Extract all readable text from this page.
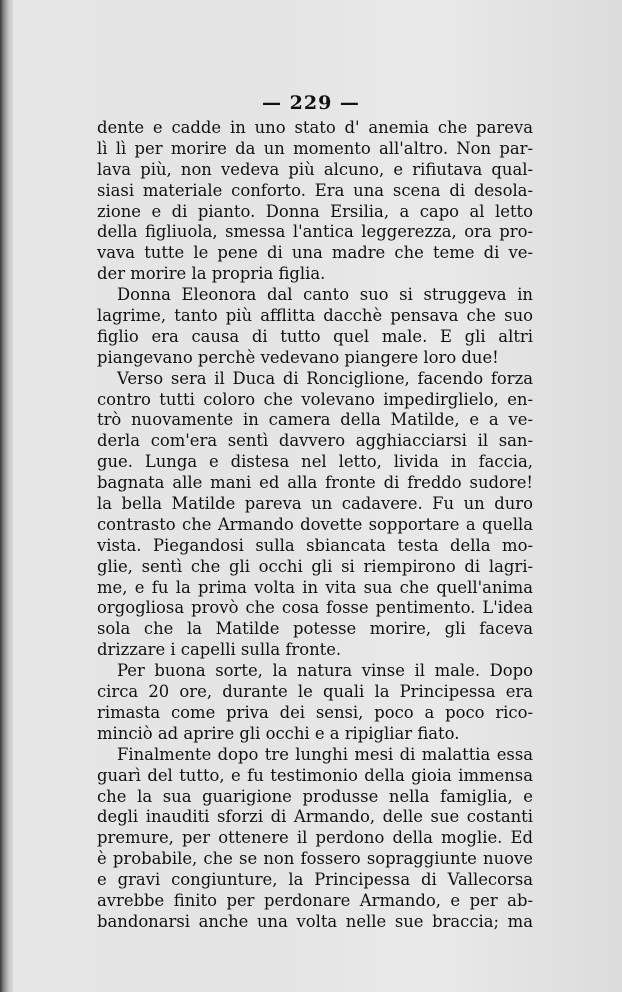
— 229 —
dente e cadde in uno stato d' anemia che pareva
lì lì per morire da un momento all'altro. Non par-
lava più, non vedeva più alcuno, e rifiutava qual-
siasi materiale conforto. Era una scena di desola-
zione e di pianto. Donna Ersilia, a capo al letto
della figliuola, smessa l'antica leggerezza, ora pro-
vava tutte le pene di una madre che teme di ve-
der morire la propria figlia.
Donna Eleonora dal canto suo si struggeva in
lagrime, tanto più afflitta dacchè pensava che suo
figlio era causa di tutto quel male. E gli altri
piangevano perchè vedevano piangere loro due!
Verso sera il Duca di Ronciglione, facendo forza
contro tutti coloro che volevano impedirglielo, en-
trò nuovamente in camera della Matilde, e a ve-
derla com'era sentì davvero agghiacciarsi il san-
gue. Lunga e distesa nel letto, livida in faccia,
bagnata alle mani ed alla fronte di freddo sudore!
la bella Matilde pareva un cadavere. Fu un duro
contrasto che Armando dovette sopportare a quella
vista. Piegandosi sulla sbiancata testa della mo-
glie, sentì che gli occhi gli si riempirono di lagri-
me, e fu la prima volta in vita sua che quell'anima
orgogliosa provò che cosa fosse pentimento. L'idea
sola che la Matilde potesse morire, gli faceva
drizzare i capelli sulla fronte.
Per buona sorte, la natura vinse il male. Dopo
circa 20 ore, durante le quali la Principessa era
rimasta come priva dei sensi, poco a poco rico-
minciò ad aprire gli occhi e a ripigliar fiato.
Finalmente dopo tre lunghi mesi di malattia essa
guarì del tutto, e fu testimonio della gioia immensa
che la sua guarigione produsse nella famiglia, e
degli inauditi sforzi di Armando, delle sue costanti
premure, per ottenere il perdono della moglie. Ed
è probabile, che se non fossero sopraggiunte nuove
e gravi congiunture, la Principessa di Vallecorsa
avrebbe finito per perdonare Armando, e per ab-
bandonarsi anche una volta nelle sue braccia; ma
